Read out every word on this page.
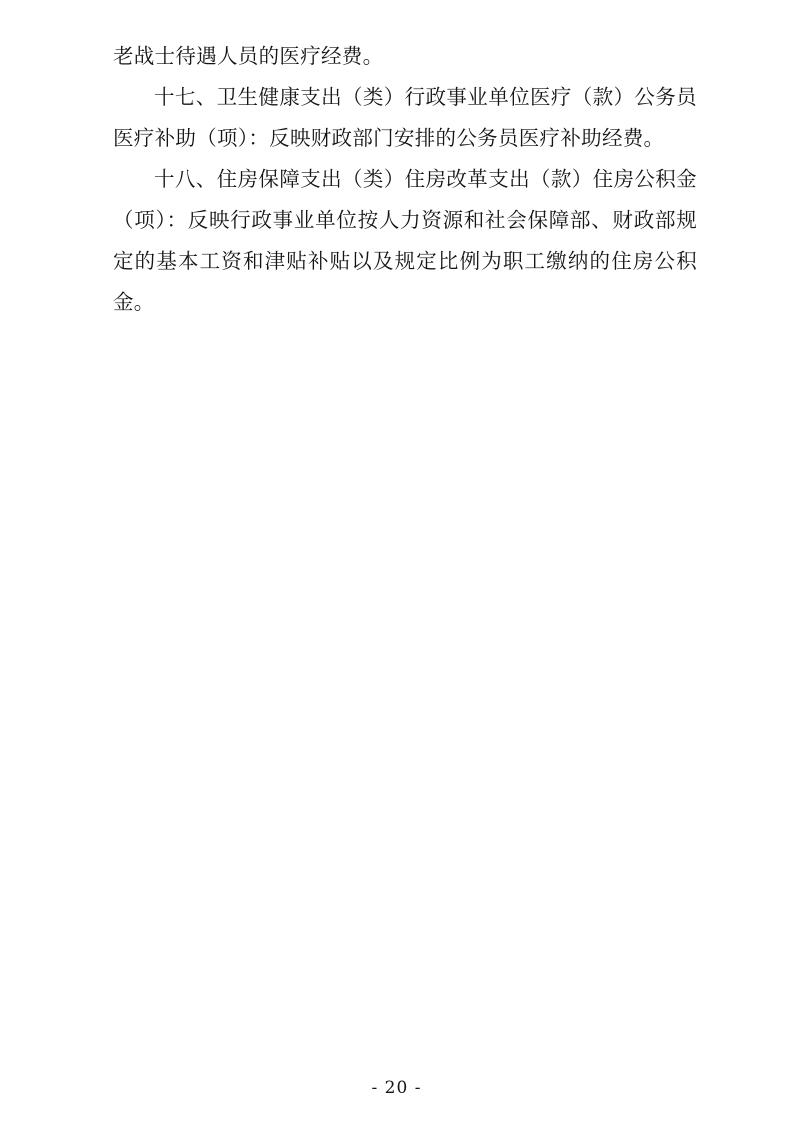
老战士待遇人员的医疗经费。

十七、卫生健康支出（类）行政事业单位医疗（款）公务员医疗补助（项）：反映财政部门安排的公务员医疗补助经费。

十八、住房保障支出（类）住房改革支出（款）住房公积金（项）：反映行政事业单位按人力资源和社会保障部、财政部规定的基本工资和津贴补贴以及规定比例为职工缴纳的住房公积金。

- 20 -
